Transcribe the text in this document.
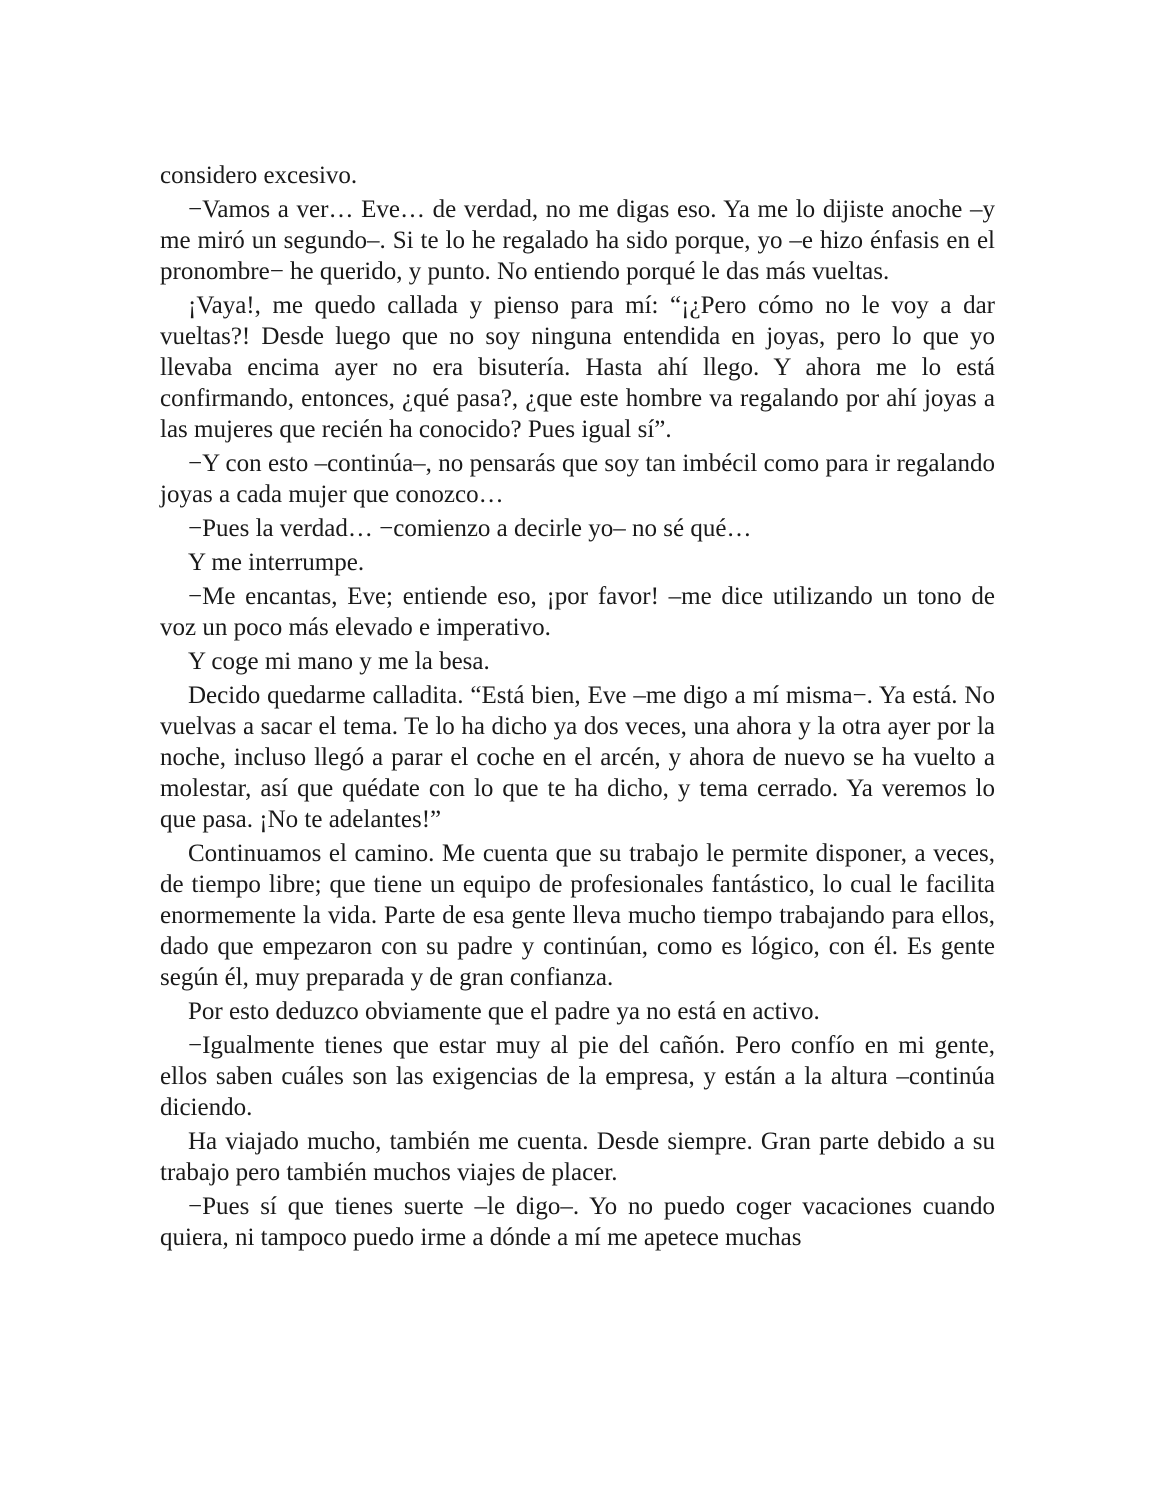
considero excesivo.

−Vamos a ver… Eve… de verdad, no me digas eso. Ya me lo dijiste anoche –y me miró un segundo–. Si te lo he regalado ha sido porque, yo –e hizo énfasis en el pronombre− he querido, y punto. No entiendo porqué le das más vueltas.

¡Vaya!, me quedo callada y pienso para mí: “¡¿Pero cómo no le voy a dar vueltas?! Desde luego que no soy ninguna entendida en joyas, pero lo que yo llevaba encima ayer no era bisutería. Hasta ahí llego. Y ahora me lo está confirmando, entonces, ¿qué pasa?, ¿que este hombre va regalando por ahí joyas a las mujeres que recién ha conocido? Pues igual sí”.

−Y con esto –continúa–, no pensarás que soy tan imbécil como para ir regalando joyas a cada mujer que conozco…

−Pues la verdad… −comienzo a decirle yo– no sé qué…

Y me interrumpe.

−Me encantas, Eve; entiende eso, ¡por favor! –me dice utilizando un tono de voz un poco más elevado e imperativo.

Y coge mi mano y me la besa.

Decido quedarme calladita. “Está bien, Eve –me digo a mí misma−. Ya está. No vuelvas a sacar el tema. Te lo ha dicho ya dos veces, una ahora y la otra ayer por la noche, incluso llegó a parar el coche en el arcén, y ahora de nuevo se ha vuelto a molestar, así que quédate con lo que te ha dicho, y tema cerrado. Ya veremos lo que pasa. ¡No te adelantes!”

Continuamos el camino. Me cuenta que su trabajo le permite disponer, a veces, de tiempo libre; que tiene un equipo de profesionales fantástico, lo cual le facilita enormemente la vida. Parte de esa gente lleva mucho tiempo trabajando para ellos, dado que empezaron con su padre y continúan, como es lógico, con él. Es gente según él, muy preparada y de gran confianza.

Por esto deduzco obviamente que el padre ya no está en activo.

−Igualmente tienes que estar muy al pie del cañón. Pero confío en mi gente, ellos saben cuáles son las exigencias de la empresa, y están a la altura –continúa diciendo.

Ha viajado mucho, también me cuenta. Desde siempre. Gran parte debido a su trabajo pero también muchos viajes de placer.

−Pues sí que tienes suerte –le digo–. Yo no puedo coger vacaciones cuando quiera, ni tampoco puedo irme a dónde a mí me apetece muchas
